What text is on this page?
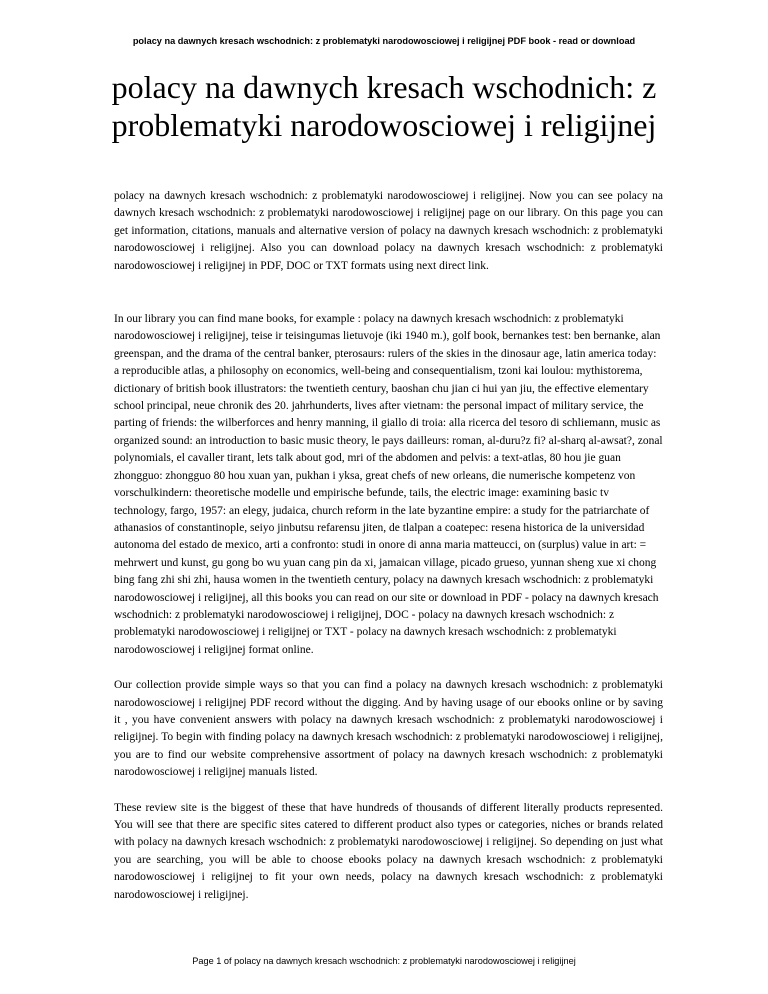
polacy na dawnych kresach wschodnich: z problematyki narodowosciowej i religijnej PDF book - read or download
polacy na dawnych kresach wschodnich: z problematyki narodowosciowej i religijnej

polacy na dawnych kresach wschodnich: z problematyki narodowosciowej i religijnej. Now you can see polacy na dawnych kresach wschodnich: z problematyki narodowosciowej i religijnej page on our library. On this page you can get information, citations, manuals and alternative version of polacy na dawnych kresach wschodnich: z problematyki narodowosciowej i religijnej. Also you can download polacy na dawnych kresach wschodnich: z problematyki narodowosciowej i religijnej in PDF, DOC or TXT formats using next direct link.

In our library you can find mane books, for example : polacy na dawnych kresach wschodnich: z problematyki narodowosciowej i religijnej, teise ir teisingumas lietuvoje (iki 1940 m.), golf book, bernankes test: ben bernanke, alan greenspan, and the drama of the central banker, pterosaurs: rulers of the skies in the dinosaur age, latin america today: a reproducible atlas, a philosophy on economics, well-being and consequentialism, tzoni kai loulou: mythistorema, dictionary of british book illustrators: the twentieth century, baoshan chu jian ci hui yan jiu, the effective elementary school principal, neue chronik des 20. jahrhunderts, lives after vietnam: the personal impact of military service, the parting of friends: the wilberforces and henry manning, il giallo di troia: alla ricerca del tesoro di schliemann, music as organized sound: an introduction to basic music theory, le pays dailleurs: roman, al-duru?z fi? al-sharq al-awsat?, zonal polynomials, el cavaller tirant, lets talk about god, mri of the abdomen and pelvis: a text-atlas, 80 hou jie guan zhongguo: zhongguo 80 hou xuan yan, pukhan i yksa, great chefs of new orleans, die numerische kompetenz von vorschulkindern: theoretische modelle und empirische befunde, tails, the electric image: examining basic tv technology, fargo, 1957: an elegy, judaica, church reform in the late byzantine empire: a study for the patriarchate of athanasios of constantinople, seiyo jinbutsu refarensu jiten, de tlalpan a coatepec: resena historica de la universidad autonoma del estado de mexico, arti a confronto: studi in onore di anna maria matteucci, on (surplus) value in art: = mehrwert und kunst, gu gong bo wu yuan cang pin da xi, jamaican village, picado grueso, yunnan sheng xue xi chong bing fang zhi shi zhi, hausa women in the twentieth century, polacy na dawnych kresach wschodnich: z problematyki narodowosciowej i religijnej, all this books you can read on our site or download in PDF - polacy na dawnych kresach wschodnich: z problematyki narodowosciowej i religijnej, DOC - polacy na dawnych kresach wschodnich: z problematyki narodowosciowej i religijnej or TXT - polacy na dawnych kresach wschodnich: z problematyki narodowosciowej i religijnej format online.

Our collection provide simple ways so that you can find a polacy na dawnych kresach wschodnich: z problematyki narodowosciowej i religijnej PDF record without the digging. And by having usage of our ebooks online or by saving it , you have convenient answers with polacy na dawnych kresach wschodnich: z problematyki narodowosciowej i religijnej. To begin with finding polacy na dawnych kresach wschodnich: z problematyki narodowosciowej i religijnej, you are to find our website comprehensive assortment of polacy na dawnych kresach wschodnich: z problematyki narodowosciowej i religijnej manuals listed.

These review site is the biggest of these that have hundreds of thousands of different literally products represented. You will see that there are specific sites catered to different product also types or categories, niches or brands related with polacy na dawnych kresach wschodnich: z problematyki narodowosciowej i religijnej. So depending on just what you are searching, you will be able to choose ebooks polacy na dawnych kresach wschodnich: z problematyki narodowosciowej i religijnej to fit your own needs, polacy na dawnych kresach wschodnich: z problematyki narodowosciowej i religijnej.

Page 1 of polacy na dawnych kresach wschodnich: z problematyki narodowosciowej i religijnej
